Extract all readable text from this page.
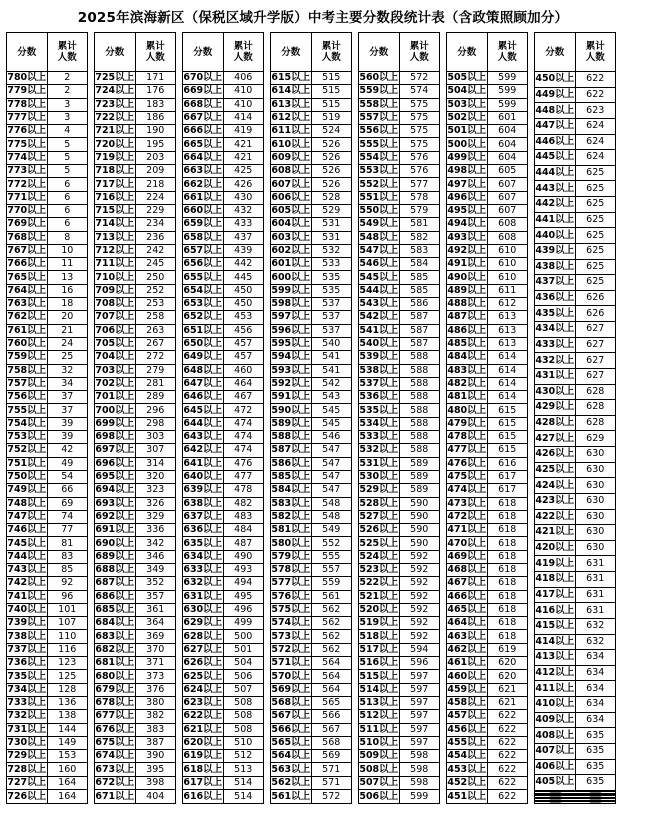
2025年滨海新区（保税区域升学版）中考主要分数段统计表（含政策照顾加分）
分数	累计
人数

780以上	2
779以上	2
778以上	3
777以上	3
776以上	4
775以上	5
774以上	5
773以上	5
772以上	6
771以上	6
770以上	6
769以上	6
768以上	8
767以上	10
766以上	11
765以上	13
764以上	16
763以上	18
762以上	20
761以上	21
760以上	24
759以上	25
758以上	32
757以上	34
756以上	37
755以上	37
754以上	39
753以上	39
752以上	42
751以上	49
750以上	54
749以上	66
748以上	69
747以上	74
746以上	77
745以上	81
744以上	83
743以上	85
742以上	92
741以上	96
740以上	101
739以上	107
738以上	110
737以上	116
736以上	123
735以上	125
734以上	128
733以上	136
732以上	138
731以上	144
730以上	149
729以上	153
728以上	160
727以上	164
726以上	164
分数	累计
人数

725以上	171
724以上	176
723以上	183
722以上	186
721以上	190
720以上	195
719以上	203
718以上	209
717以上	218
716以上	224
715以上	229
714以上	234
713以上	236
712以上	242
711以上	245
710以上	250
709以上	252
708以上	253
707以上	258
706以上	263
705以上	267
704以上	272
703以上	279
702以上	281
701以上	289
700以上	296
699以上	298
698以上	303
697以上	307
696以上	314
695以上	320
694以上	323
693以上	326
692以上	329
691以上	336
690以上	342
689以上	346
688以上	349
687以上	352
686以上	357
685以上	361
684以上	364
683以上	369
682以上	370
681以上	371
680以上	373
679以上	376
678以上	380
677以上	382
676以上	383
675以上	387
674以上	390
673以上	395
672以上	398
671以上	404
分数	累计
人数

670以上	406
669以上	410
668以上	410
667以上	414
666以上	419
665以上	421
664以上	421
663以上	425
662以上	426
661以上	430
660以上	432
659以上	433
658以上	437
657以上	439
656以上	442
655以上	445
654以上	450
653以上	450
652以上	453
651以上	456
650以上	457
649以上	457
648以上	460
647以上	464
646以上	467
645以上	472
644以上	474
643以上	474
642以上	474
641以上	476
640以上	477
639以上	478
638以上	482
637以上	483
636以上	484
635以上	487
634以上	490
633以上	493
632以上	494
631以上	495
630以上	496
629以上	499
628以上	500
627以上	501
626以上	504
625以上	506
624以上	507
623以上	508
622以上	508
621以上	508
620以上	510
619以上	512
618以上	513
617以上	514
616以上	514
分数	累计
人数

615以上	515
614以上	515
613以上	515
612以上	519
611以上	524
610以上	526
609以上	526
608以上	526
607以上	526
606以上	528
605以上	529
604以上	531
603以上	531
602以上	532
601以上	533
600以上	535
599以上	535
598以上	537
597以上	537
596以上	537
595以上	540
594以上	541
593以上	541
592以上	542
591以上	543
590以上	545
589以上	545
588以上	546
587以上	547
586以上	547
585以上	547
584以上	547
583以上	548
582以上	548
581以上	549
580以上	552
579以上	555
578以上	557
577以上	559
576以上	561
575以上	562
574以上	562
573以上	562
572以上	562
571以上	564
570以上	564
569以上	564
568以上	565
567以上	566
566以上	567
565以上	568
564以上	569
563以上	571
562以上	571
561以上	572
分数	累计
人数

560以上	572
559以上	574
558以上	575
557以上	575
556以上	575
555以上	575
554以上	576
553以上	576
552以上	577
551以上	578
550以上	579
549以上	581
548以上	582
547以上	583
546以上	584
545以上	585
544以上	585
543以上	586
542以上	587
541以上	587
540以上	587
539以上	588
538以上	588
537以上	588
536以上	588
535以上	588
534以上	588
533以上	588
532以上	588
531以上	589
530以上	589
529以上	589
528以上	590
527以上	590
526以上	590
525以上	590
524以上	592
523以上	592
522以上	592
521以上	592
520以上	592
519以上	592
518以上	592
517以上	594
516以上	596
515以上	597
514以上	597
513以上	597
512以上	597
511以上	597
510以上	597
509以上	598
508以上	598
507以上	598
506以上	599
分数	累计
人数

505以上	599
504以上	599
503以上	599
502以上	601
501以上	604
500以上	604
499以上	604
498以上	605
497以上	607
496以上	607
495以上	607
494以上	608
493以上	608
492以上	610
491以上	610
490以上	610
489以上	611
488以上	612
487以上	613
486以上	613
485以上	613
484以上	614
483以上	614
482以上	614
481以上	614
480以上	615
479以上	615
478以上	615
477以上	615
476以上	616
475以上	617
474以上	617
473以上	618
472以上	618
471以上	618
470以上	618
469以上	618
468以上	618
467以上	618
466以上	618
465以上	618
464以上	618
463以上	618
462以上	619
461以上	620
460以上	620
459以上	621
458以上	621
457以上	622
456以上	622
455以上	622
454以上	622
453以上	622
452以上	622
451以上	622
分数	累计
人数

450以上	622
449以上	622
448以上	623
447以上	624
446以上	624
445以上	624
444以上	625
443以上	625
442以上	625
441以上	625
440以上	625
439以上	625
438以上	625
437以上	625
436以上	626
435以上	626
434以上	627
433以上	627
432以上	627
431以上	627
430以上	628
429以上	628
428以上	628
427以上	629
426以上	630
425以上	630
424以上	630
423以上	630
422以上	630
421以上	630
420以上	630
419以上	631
418以上	631
417以上	631
416以上	631
415以上	632
414以上	632
413以上	634
412以上	634
411以上	634
410以上	634
409以上	634
408以上	635
407以上	635
406以上	635
405以上	635
